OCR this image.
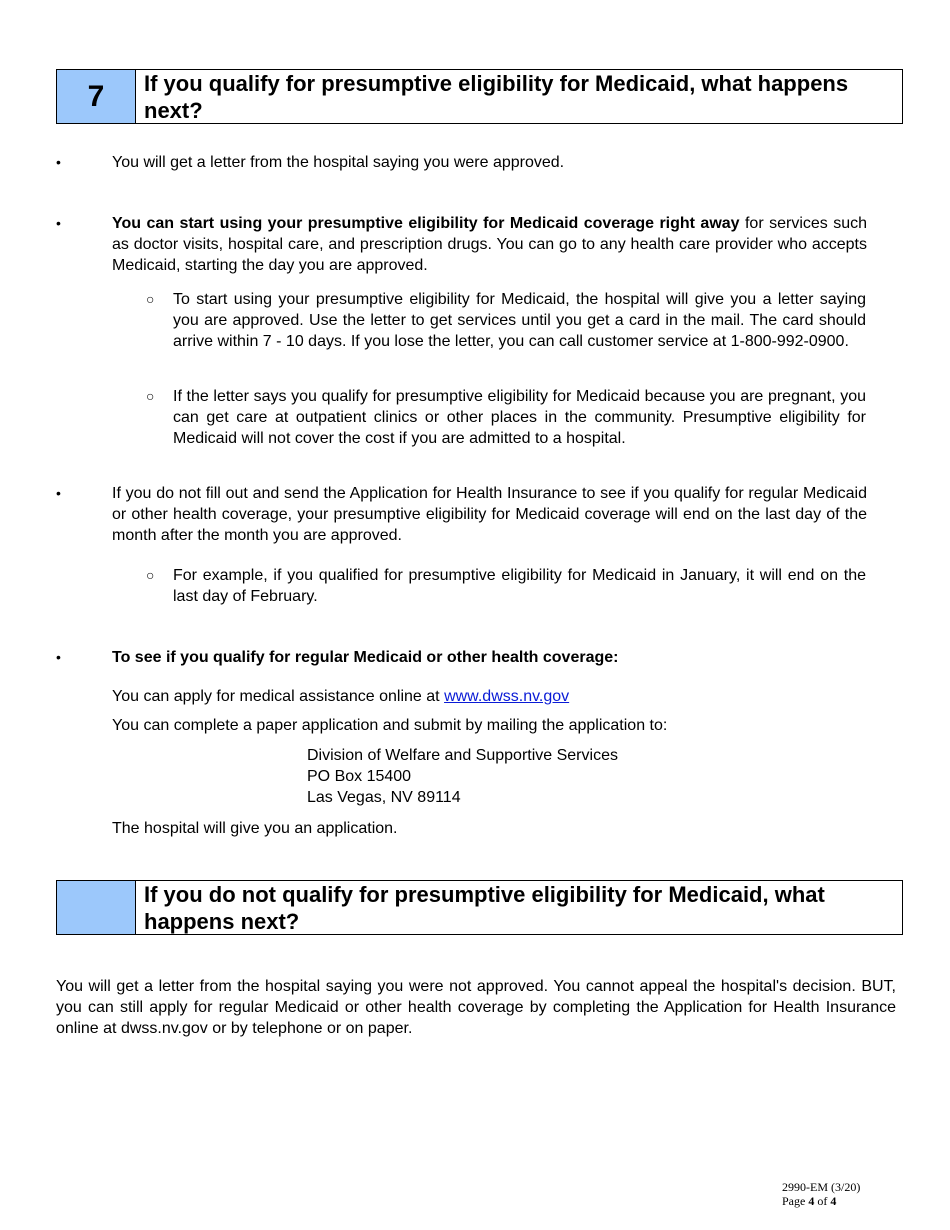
7	If you qualify for presumptive eligibility for Medicaid, what happens next?
•	You will get a letter from the hospital saying you were approved.
•	You can start using your presumptive eligibility for Medicaid coverage right away for services such as doctor visits, hospital care, and prescription drugs. You can go to any health care provider who accepts Medicaid, starting the day you are approved.
○ To start using your presumptive eligibility for Medicaid, the hospital will give you a letter saying you are approved. Use the letter to get services until you get a card in the mail. The card should arrive within 7 - 10 days. If you lose the letter, you can call customer service at 1-800-992-0900.
○ If the letter says you qualify for presumptive eligibility for Medicaid because you are pregnant, you can get care at outpatient clinics or other places in the community. Presumptive eligibility for Medicaid will not cover the cost if you are admitted to a hospital.
•	If you do not fill out and send the Application for Health Insurance to see if you qualify for regular Medicaid or other health coverage, your presumptive eligibility for Medicaid coverage will end on the last day of the month after the month you are approved.
○ For example, if you qualified for presumptive eligibility for Medicaid in January, it will end on the last day of February.
•	To see if you qualify for regular Medicaid or other health coverage:
You can apply for medical assistance online at www.dwss.nv.gov
You can complete a paper application and submit by mailing the application to:
Division of Welfare and Supportive Services
PO Box 15400
Las Vegas, NV 89114
The hospital will give you an application.
If you do not qualify for presumptive eligibility for Medicaid, what happens next?
You will get a letter from the hospital saying you were not approved. You cannot appeal the hospital's decision. BUT, you can still apply for regular Medicaid or other health coverage by completing the Application for Health Insurance online at dwss.nv.gov or by telephone or on paper.
2990-EM (3/20)
Page 4 of 4
